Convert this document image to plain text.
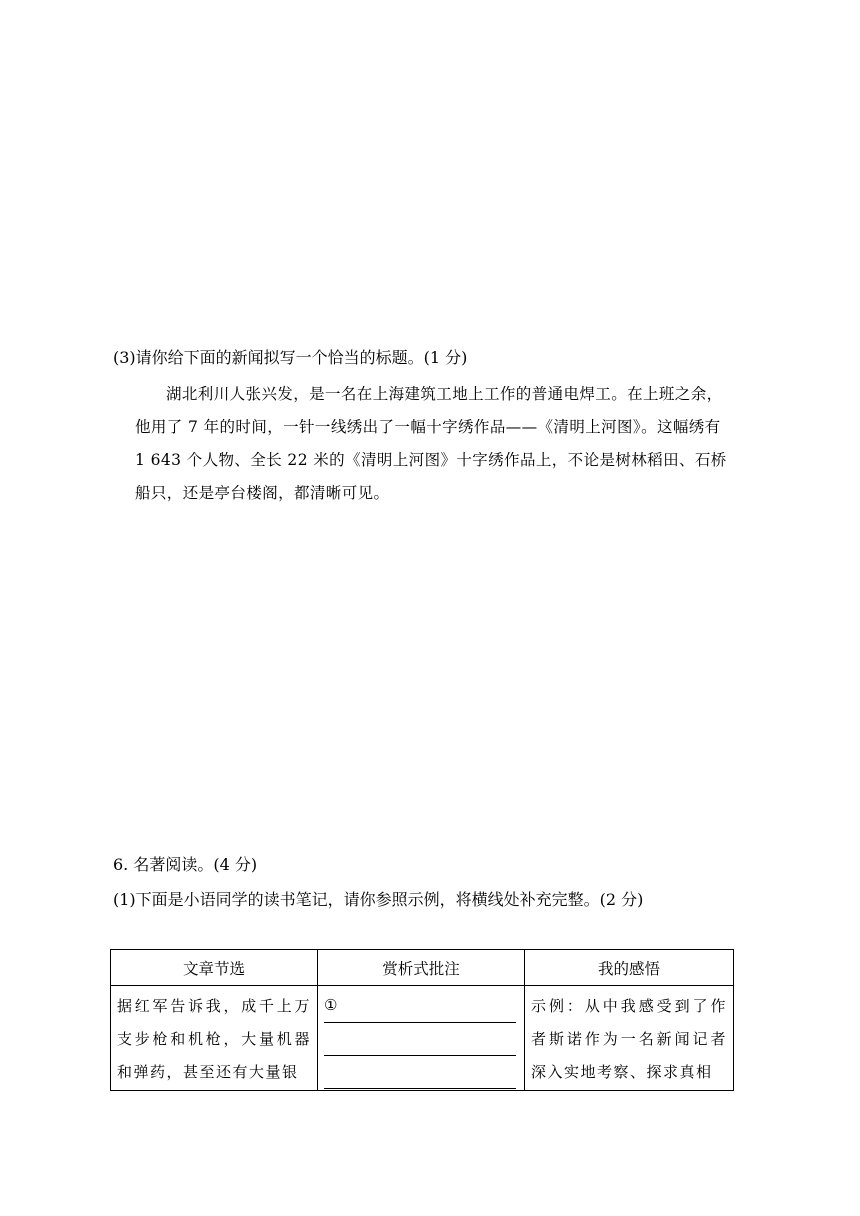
(3)请你给下面的新闻拟写一个恰当的标题。(1 分)

湖北利川人张兴发，是一名在上海建筑工地上工作的普通电焊工。在上班之余，他用了 7 年的时间，一针一线绣出了一幅十字绣作品——《清明上河图》。这幅绣有 1 643 个人物、全长 22 米的《清明上河图》十字绣作品上，不论是树林稻田、石桥船只，还是亭台楼阁，都清晰可见。

6. 名著阅读。(4 分)
(1)下面是小语同学的读书笔记，请你参照示例，将横线处补充完整。(2 分)
文章节选	赏析式批注	我的感悟

据红军告诉我，成千上万支步枪和机枪，大量机器和弹药，甚至还有大量银	①	示例：从中我感受到了作者斯诺作为一名新闻记者深入实地考察、探求真相
